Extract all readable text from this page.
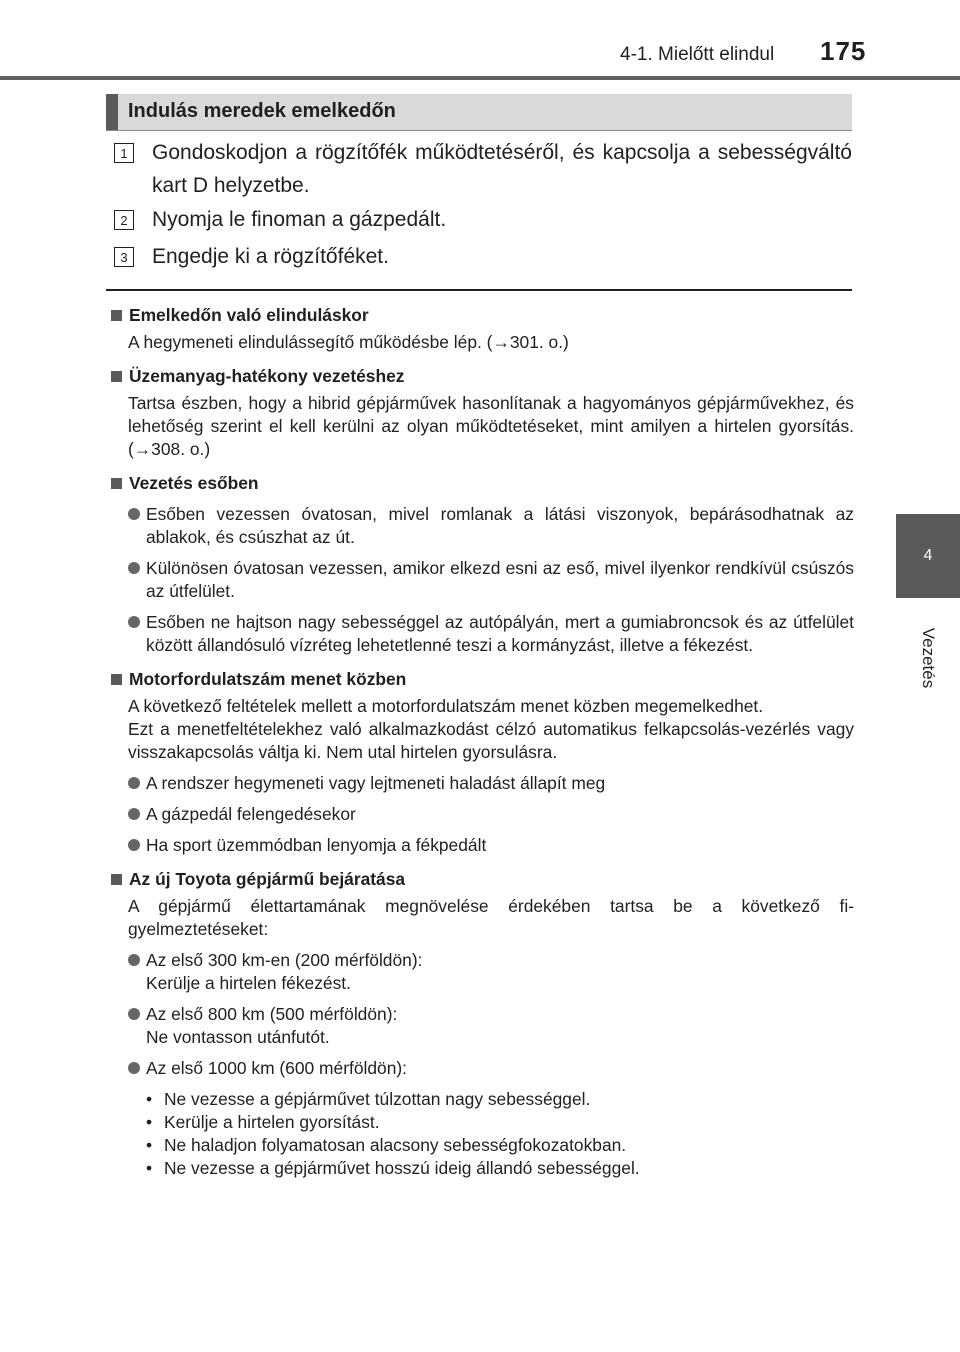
4-1. Mielőtt elindul 175
4
Vezetés
Indulás meredek emelkedőn
1	Gondoskodjon a rögzítőfék működtetéséről, és kapcsolja a sebességváltó kart D helyzetbe.
2	Nyomja le finoman a gázpedált.
3	Engedje ki a rögzítőféket.
Emelkedőn való elinduláskor
A hegymeneti elindulássegítő működésbe lép. (→301. o.)
Üzemanyag-hatékony vezetéshez
Tartsa észben, hogy a hibrid gépjárművek hasonlítanak a hagyományos gépjárművekhez, és lehetőség szerint el kell kerülni az olyan működtetéseket, mint amilyen a hirtelen gyorsítás. (→308. o.)
Vezetés esőben
Esőben vezessen óvatosan, mivel romlanak a látási viszonyok, bepárásodhatnak az ablakok, és csúszhat az út.
Különösen óvatosan vezessen, amikor elkezd esni az eső, mivel ilyenkor rendkívül csúszós az útfelület.
Esőben ne hajtson nagy sebességgel az autópályán, mert a gumiabroncsok és az útfelület között állandósuló vízréteg lehetetlenné teszi a kormányzást, illetve a fékezést.
Motorfordulatszám menet közben
A következő feltételek mellett a motorfordulatszám menet közben megemelkedhet.
Ezt a menetfeltételekhez való alkalmazkodást célzó automatikus felkapcsolás-vezérlés vagy visszakapcsolás váltja ki. Nem utal hirtelen gyorsulásra.
A rendszer hegymeneti vagy lejtmeneti haladást állapít meg
A gázpedál felengedésekor
Ha sport üzemmódban lenyomja a fékpedált
Az új Toyota gépjármű bejáratása
A gépjármű élettartamának megnövelése érdekében tartsa be a következő figyelmeztetéseket:
Az első 300 km-en (200 mérföldön):
Kerülje a hirtelen fékezést.
Az első 800 km (500 mérföldön):
Ne vontasson utánfutót.
Az első 1000 km (600 mérföldön):
• Ne vezesse a gépjárművet túlzottan nagy sebességgel.
• Kerülje a hirtelen gyorsítást.
• Ne haladjon folyamatosan alacsony sebességfokozatokban.
• Ne vezesse a gépjárművet hosszú ideig állandó sebességgel.
